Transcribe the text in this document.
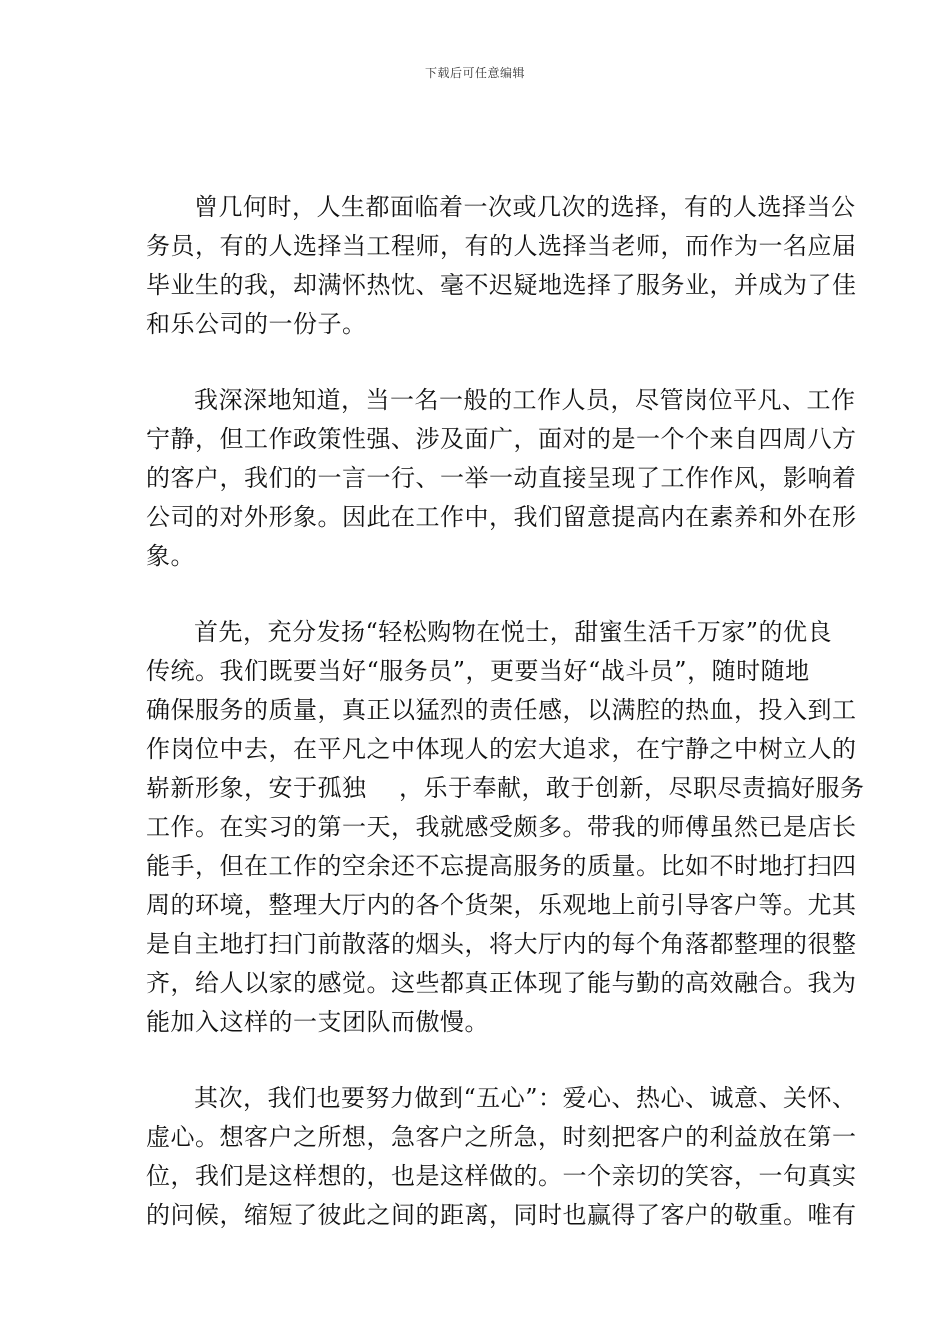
下载后可任意编辑

曾几何时，人生都面临着一次或几次的选择，有的人选择当公
务员，有的人选择当工程师，有的人选择当老师，而作为一名应届
毕业生的我，却满怀热忱、毫不迟疑地选择了服务业，并成为了佳
和乐公司的一份子。

我深深地知道，当一名一般的工作人员，尽管岗位平凡、工作
宁静，但工作政策性强、涉及面广，面对的是一个个来自四周八方
的客户，我们的一言一行、一举一动直接呈现了工作作风，影响着
公司的对外形象。因此在工作中，我们留意提高内在素养和外在形
象。

首先，充分发扬“轻松购物在悦士，甜蜜生活千万家”的优良
传统。我们既要当好“服务员”，更要当好“战斗员”，随时随地
确保服务的质量，真正以猛烈的责任感，以满腔的热血，投入到工
作岗位中去，在平凡之中体现人的宏大追求，在宁静之中树立人的
崭新形象，安于孤独    ，乐于奉献，敢于创新，尽职尽责搞好服务
工作。在实习的第一天，我就感受颇多。带我的师傅虽然已是店长
能手，但在工作的空余还不忘提高服务的质量。比如不时地打扫四
周的环境，整理大厅内的各个货架，乐观地上前引导客户等。尤其
是自主地打扫门前散落的烟头，将大厅内的每个角落都整理的很整
齐，给人以家的感觉。这些都真正体现了能与勤的高效融合。我为
能加入这样的一支团队而傲慢。

其次，我们也要努力做到“五心”：爱心、热心、诚意、关怀、
虚心。想客户之所想，急客户之所急，时刻把客户的利益放在第一
位，我们是这样想的，也是这样做的。一个亲切的笑容，一句真实
的问候，缩短了彼此之间的距离，同时也赢得了客户的敬重。唯有
